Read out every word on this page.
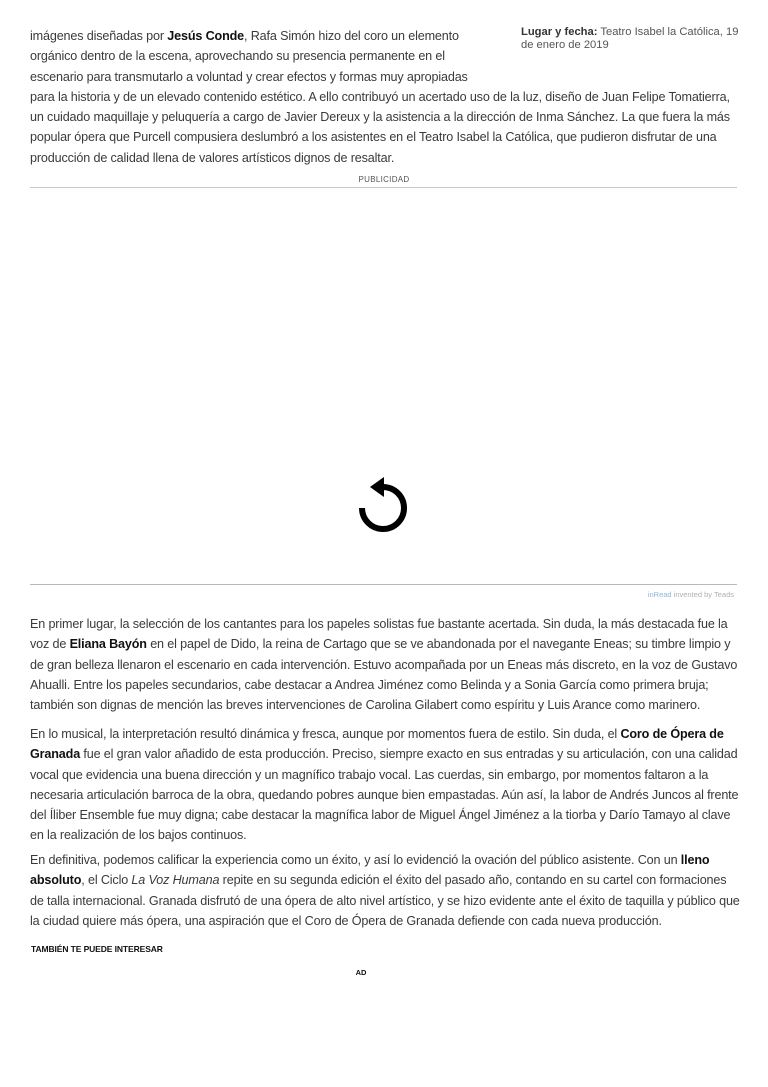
imágenes diseñadas por Jesús Conde, Rafa Simón hizo del coro un elemento orgánico dentro de la escena, aprovechando su presencia permanente en el escenario para transmutarlo a voluntad y crear efectos y formas muy apropiadas
para la historia y de un elevado contenido estético. A ello contribuyó un acertado uso de la luz, diseño de Juan Felipe Tomatierra, un cuidado maquillaje y peluquería a cargo de Javier Dereux y la asistencia a la dirección de Inma Sánchez. La que fuera la más popular ópera que Purcell compusiera deslumbró a los asistentes en el Teatro Isabel la Católica, que pudieron disfrutar de una producción de calidad llena de valores artísticos dignos de resaltar.

Lugar y fecha: Teatro Isabel la Católica, 19 de enero de 2019
PUBLICIDAD
inRead invented by Teads

En primer lugar, la selección de los cantantes para los papeles solistas fue bastante acertada. Sin duda, la más destacada fue la voz de Eliana Bayón en el papel de Dido, la reina de Cartago que se ve abandonada por el navegante Eneas; su timbre limpio y de gran belleza llenaron el escenario en cada intervención. Estuvo acompañada por un Eneas más discreto, en la voz de Gustavo Ahualli. Entre los papeles secundarios, cabe destacar a Andrea Jiménez como Belinda y a Sonia García como primera bruja; también son dignas de mención las breves intervenciones de Carolina Gilabert como espíritu y Luis Arance como marinero.

En lo musical, la interpretación resultó dinámica y fresca, aunque por momentos fuera de estilo. Sin duda, el Coro de Ópera de Granada fue el gran valor añadido de esta producción. Preciso, siempre exacto en sus entradas y su articulación, con una calidad vocal que evidencia una buena dirección y un magnífico trabajo vocal. Las cuerdas, sin embargo, por momentos faltaron a la necesaria articulación barroca de la obra, quedando pobres aunque bien empastadas. Aún así, la labor de Andrés Juncos al frente del Íliber Ensemble fue muy digna; cabe destacar la magnífica labor de Miguel Ángel Jiménez a la tiorba y Darío Tamayo al clave en la realización de los bajos continuos.

En definitiva, podemos calificar la experiencia como un éxito, y así lo evidenció la ovación del público asistente. Con un lleno absoluto, el Ciclo La Voz Humana repite en su segunda edición el éxito del pasado año, contando en su cartel con formaciones de talla internacional. Granada disfrutó de una ópera de alto nivel artístico, y se hizo evidente ante el éxito de taquilla y público que la ciudad quiere más ópera, una aspiración que el Coro de Ópera de Granada defiende con cada nueva producción.

TAMBIÉN TE PUEDE INTERESAR
AD
